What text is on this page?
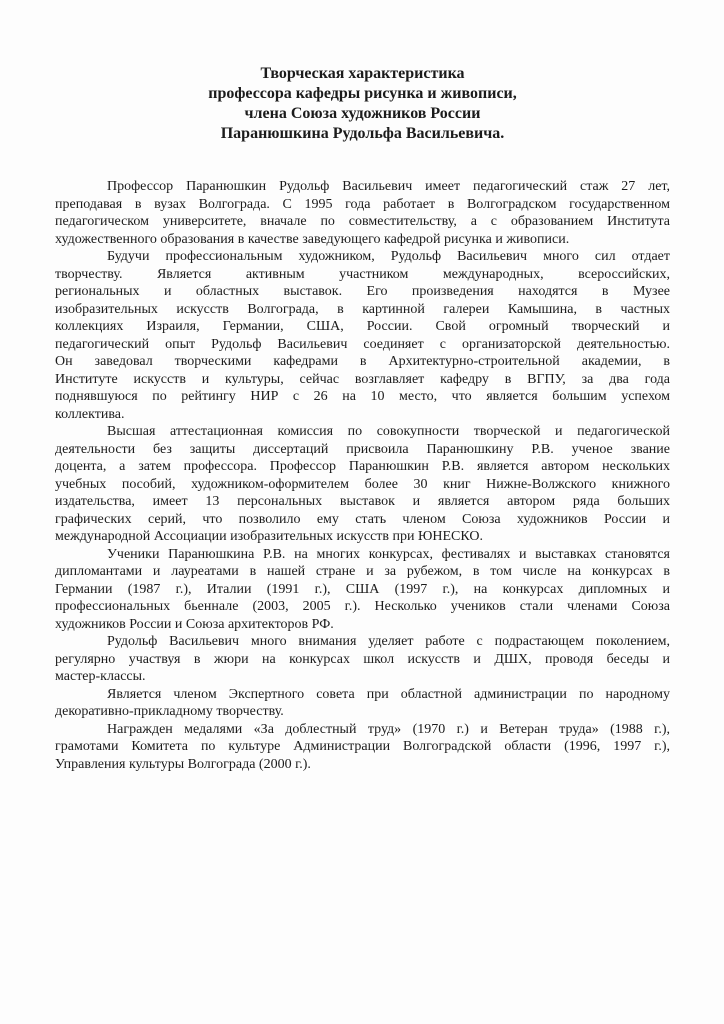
Творческая характеристика
профессора кафедры рисунка и живописи,
члена Союза художников России
Паранюшкина Рудольфа Васильевича.
Профессор Паранюшкин Рудольф Васильевич имеет педагогический стаж 27 лет,
преподавая в вузах Волгограда. С 1995 года работает в Волгоградском государственном
педагогическом университете, вначале по совместительству, а с образованием Института
художественного образования в качестве заведующего кафедрой рисунка и живописи.
Будучи профессиональным художником, Рудольф Васильевич много сил отдает
творчеству. Является активным участником международных, всероссийских,
региональных и областных выставок. Его произведения находятся в Музее
изобразительных искусств Волгограда, в картинной галереи Камышина, в частных
коллекциях Израиля, Германии, США, России. Свой огромный творческий и
педагогический опыт Рудольф Васильевич соединяет с организаторской деятельностью.
Он заведовал творческими кафедрами в Архитектурно-строительной академии, в
Институте искусств и культуры, сейчас возглавляет кафедру в ВГПУ, за два года
поднявшуюся по рейтингу НИР с 26 на 10 место, что является большим успехом
коллектива.
Высшая аттестационная комиссия по совокупности творческой и педагогической
деятельности без защиты диссертаций присвоила Паранюшкину Р.В. ученое звание
доцента, а затем профессора. Профессор Паранюшкин Р.В. является автором нескольких
учебных пособий, художником-оформителем более 30 книг Нижне-Волжского книжного
издательства, имеет 13 персональных выставок и является автором ряда больших
графических серий, что позволило ему стать членом Союза художников России и
международной Ассоциации изобразительных искусств при ЮНЕСКО.
Ученики Паранюшкина Р.В. на многих конкурсах, фестивалях и выставках становятся
дипломантами и лауреатами в нашей стране и за рубежом, в том числе на конкурсах в
Германии (1987 г.), Италии (1991 г.), США (1997 г.), на конкурсах дипломных и
профессиональных бьеннале (2003, 2005 г.). Несколько учеников стали членами Союза
художников России и Союза архитекторов РФ.
Рудольф Васильевич много внимания уделяет работе с подрастающем поколением,
регулярно участвуя в жюри на конкурсах школ искусств и ДШХ, проводя беседы и
мастер-классы.
Является членом Экспертного совета при областной администрации по народному
декоративно-прикладному творчеству.
Награжден медалями «За доблестный труд» (1970 г.) и Ветеран труда» (1988 г.),
грамотами Комитета по культуре Администрации Волгоградской области (1996, 1997 г.),
Управления культуры Волгограда (2000 г.).
